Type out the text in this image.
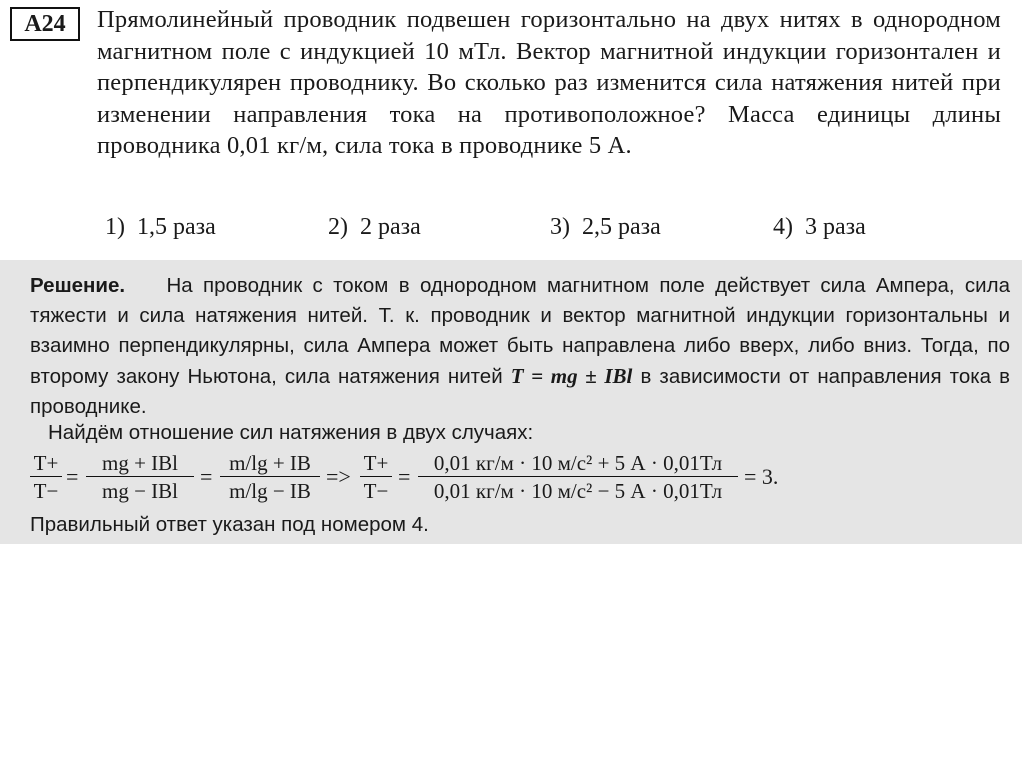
А24	Прямолинейный проводник подвешен горизонтально на двух нитях в однородном магнитном поле с индукцией 10 мТл. Вектор магнитной индукции горизонтален и перпендикулярен проводнику. Во сколько раз изменится сила натяжения нитей при изменении направления тока на противоположное? Масса единицы длины проводника 0,01 кг/м, сила тока в проводнике 5 А.

1) 1,5 раза	2) 2 раза	3) 2,5 раза	4) 3 раза
Решение. На проводник с током в однородном магнитном поле действует сила Ампера, сила тяжести и сила натяжения нитей. Т. к. проводник и вектор магнитной индукции горизонтальны и взаимно перпендикулярны, сила Ампера может быть направлена либо вверх, либо вниз. Тогда, по второму закону Ньютона, сила натяжения нитей T = mg ± IBl в зависимости от направления тока в проводнике.
Найдём отношение сил натяжения в двух случаях:
$\frac{T+}{T-}$ =
mg + IBl
mg − IBl
= $\frac{m/\lg + IB}{m/\lg - IB} => \frac{T+}{T-}$ =
0,01 кг/м · 10 м/с² + 5 А · 0,01Тл
0,01 кг/м · 10 м/с² − 5 А · 0,01Тл
= 3.
Правильный ответ указан под номером 4.
